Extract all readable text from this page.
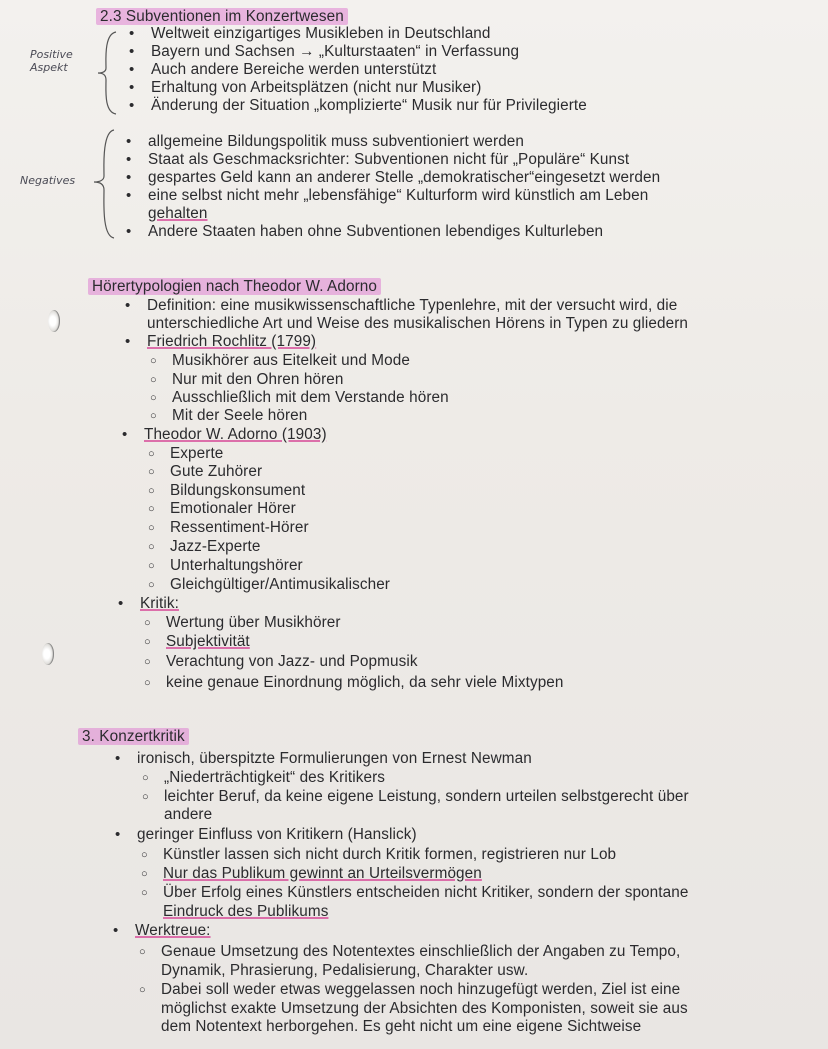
2.3 Subventionen im Konzertwesen
Positive Aspekt
• Weltweit einzigartiges Musikleben in Deutschland
• Bayern und Sachsen → „Kulturstaaten“ in Verfassung
• Auch andere Bereiche werden unterstützt
• Erhaltung von Arbeitsplätzen (nicht nur Musiker)
• Änderung der Situation „komplizierte“ Musik nur für Privilegierte
Negatives
• allgemeine Bildungspolitik muss subventioniert werden
• Staat als Geschmacksrichter: Subventionen nicht für „Populäre“ Kunst
• gespartes Geld kann an anderer Stelle „demokratischer“eingesetzt werden
• eine selbst nicht mehr „lebensfähige“ Kulturform wird künstlich am Leben
gehalten
• Andere Staaten haben ohne Subventionen lebendiges Kulturleben
Hörertypologien nach Theodor W. Adorno
• Definition: eine musikwissenschaftliche Typenlehre, mit der versucht wird, die
unterschiedliche Art und Weise des musikalischen Hörens in Typen zu gliedern
• Friedrich Rochlitz (1799)
○ Musikhörer aus Eitelkeit und Mode
○ Nur mit den Ohren hören
○ Ausschließlich mit dem Verstande hören
○ Mit der Seele hören
• Theodor W. Adorno (1903)
○ Experte
○ Gute Zuhörer
○ Bildungskonsument
○ Emotionaler Hörer
○ Ressentiment-Hörer
○ Jazz-Experte
○ Unterhaltungshörer
○ Gleichgültiger/Antimusikalischer
• Kritik:
○ Wertung über Musikhörer
○ Subjektivität
○ Verachtung von Jazz- und Popmusik
○ keine genaue Einordnung möglich, da sehr viele Mixtypen
3. Konzertkritik
• ironisch, überspitzte Formulierungen von Ernest Newman
○ „Niederträchtigkeit“ des Kritikers
○ leichter Beruf, da keine eigene Leistung, sondern urteilen selbstgerecht über
andere
• geringer Einfluss von Kritikern (Hanslick)
○ Künstler lassen sich nicht durch Kritik formen, registrieren nur Lob
○ Nur das Publikum gewinnt an Urteilsvermögen
○ Über Erfolg eines Künstlers entscheiden nicht Kritiker, sondern der spontane
Eindruck des Publikums
• Werktreue:
○ Genaue Umsetzung des Notentextes einschließlich der Angaben zu Tempo,
Dynamik, Phrasierung, Pedalisierung, Charakter usw.
○ Dabei soll weder etwas weggelassen noch hinzugefügt werden, Ziel ist eine
möglichst exakte Umsetzung der Absichten des Komponisten, soweit sie aus
dem Notentext herborgehen. Es geht nicht um eine eigene Sichtweise
